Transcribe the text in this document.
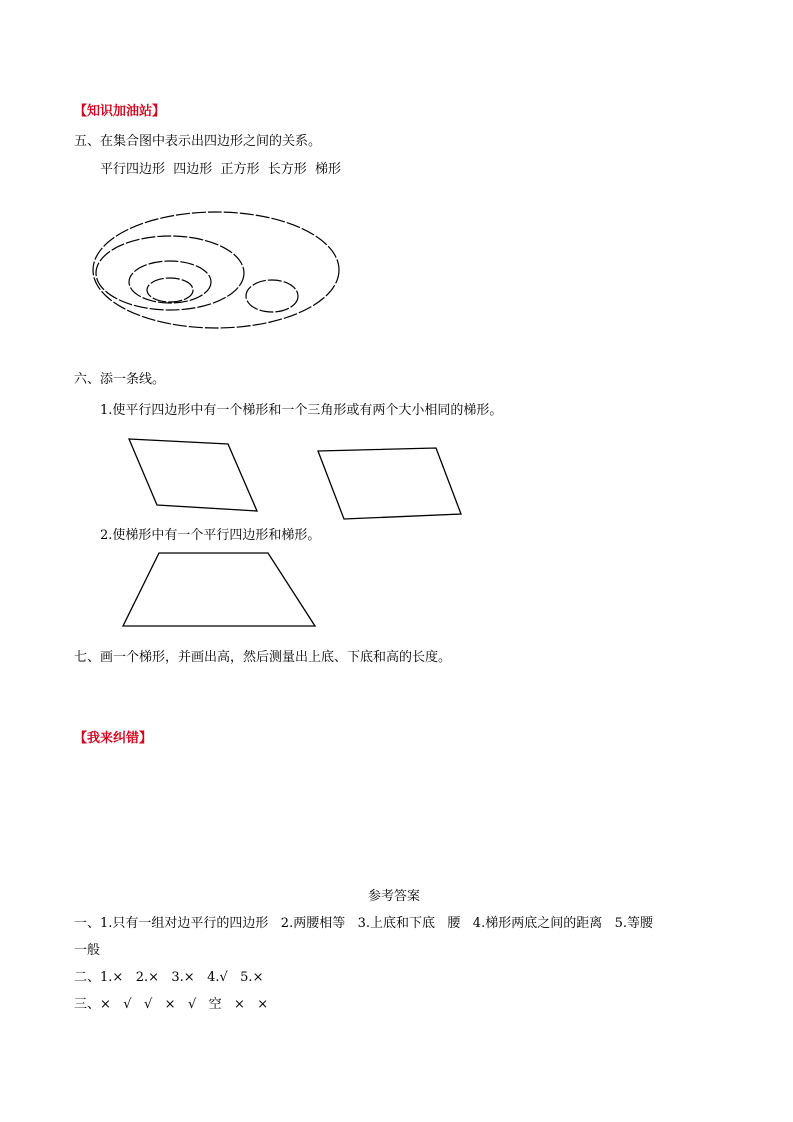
【知识加油站】
五、在集合图中表示出四边形之间的关系。
平行四边形  四边形  正方形  长方形  梯形
六、添一条线。
1.使平行四边形中有一个梯形和一个三角形或有两个大小相同的梯形。
2.使梯形中有一个平行四边形和梯形。
七、画一个梯形，并画出高，然后测量出上底、下底和高的长度。
【我来纠错】
参考答案
一、1.只有一组对边平行的四边形   2.两腰相等   3.上底和下底   腰   4.梯形两底之间的距离   5.等腰
一般
二、1.×   2.×   3.×   4.√   5.×
三、×   √   √   ×   √   空   ×   ×
